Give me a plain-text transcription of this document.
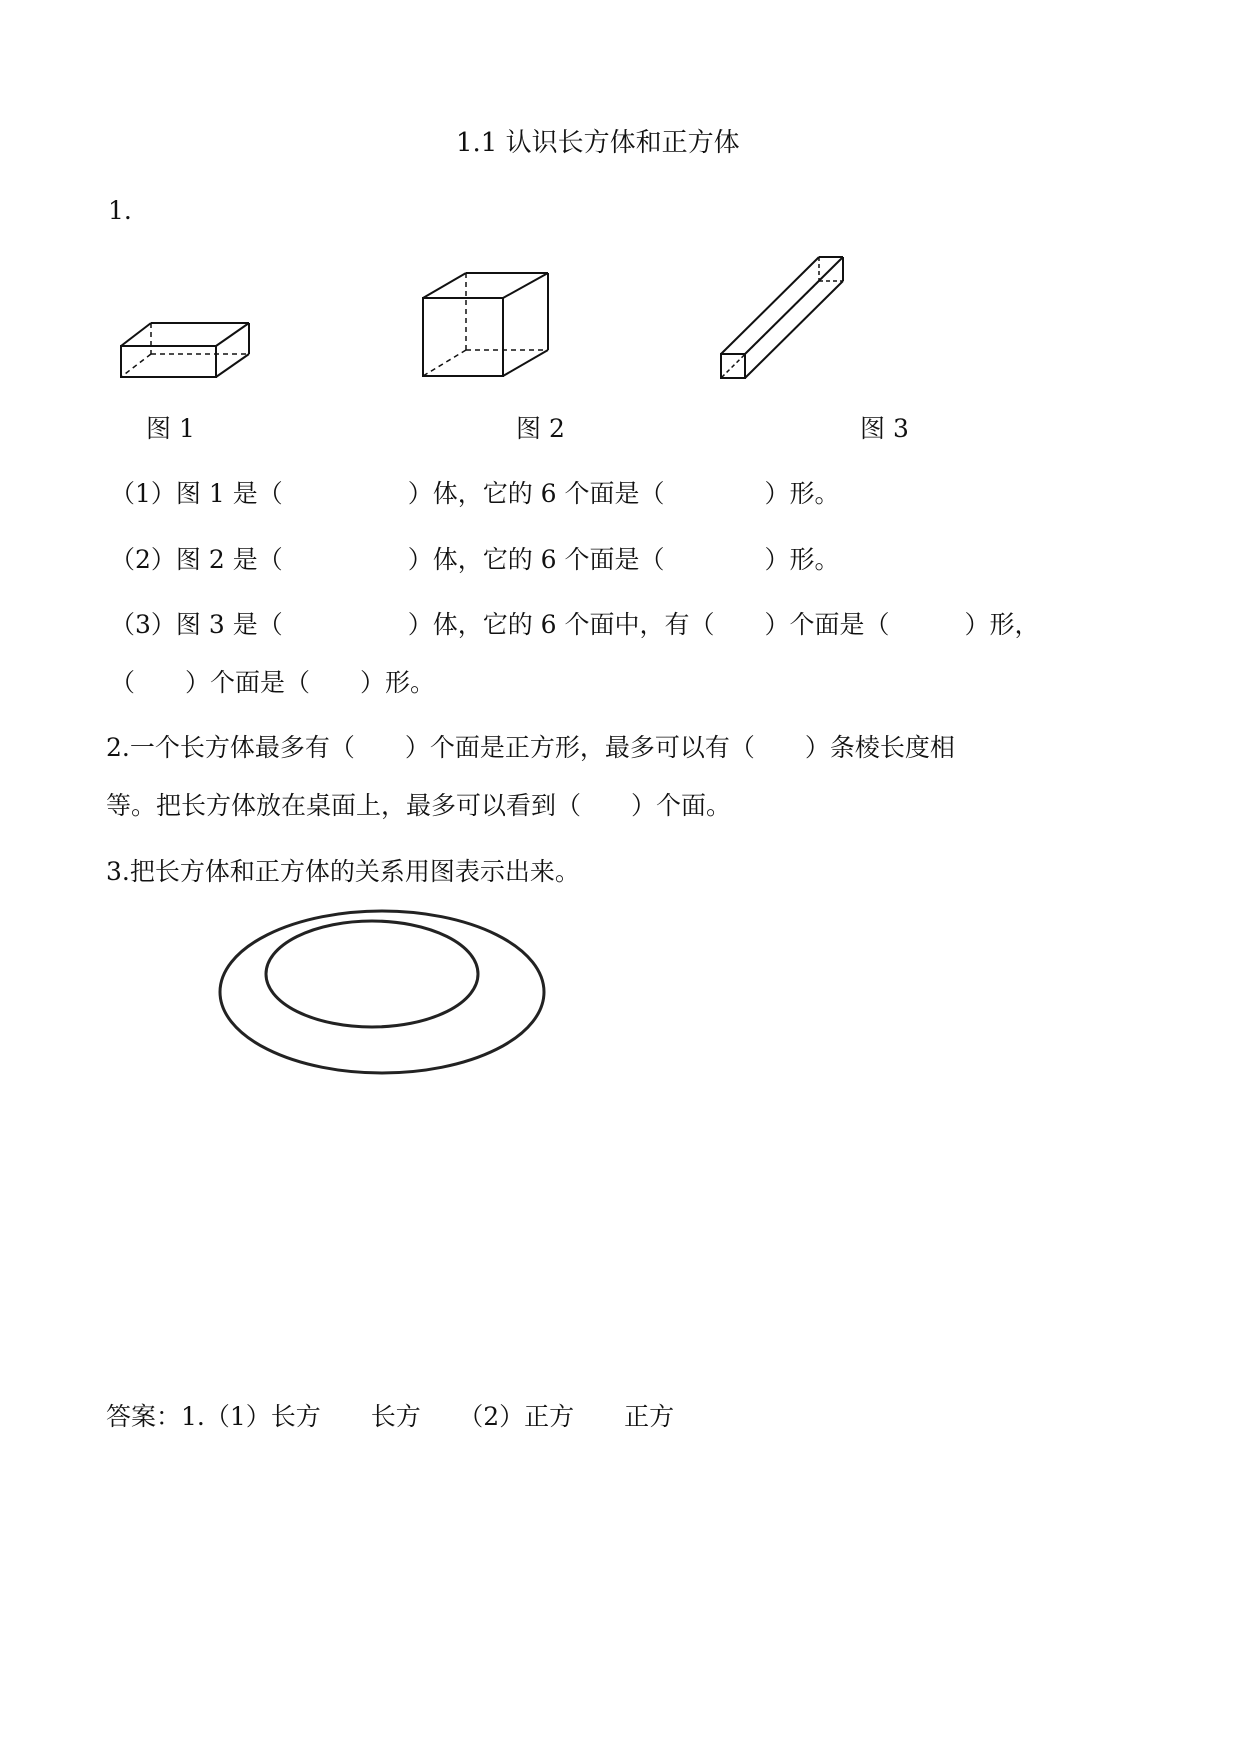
1.1 认识长方体和正方体
1.
图 1	图 2	图 3
（1）图 1 是（　　　　　）体，它的 6 个面是（　　　　）形。
（2）图 2 是（　　　　　）体，它的 6 个面是（　　　　）形。
（3）图 3 是（　　　　　）体，它的 6 个面中，有（　　）个面是（　　　）形，
（　　）个面是（　　）形。
2.一个长方体最多有（　　）个面是正方形，最多可以有（　　）条棱长度相
等。把长方体放在桌面上，最多可以看到（　　）个面。
3.把长方体和正方体的关系用图表示出来。
答案：1.（1）长方　　长方　　（2）正方　　正方
